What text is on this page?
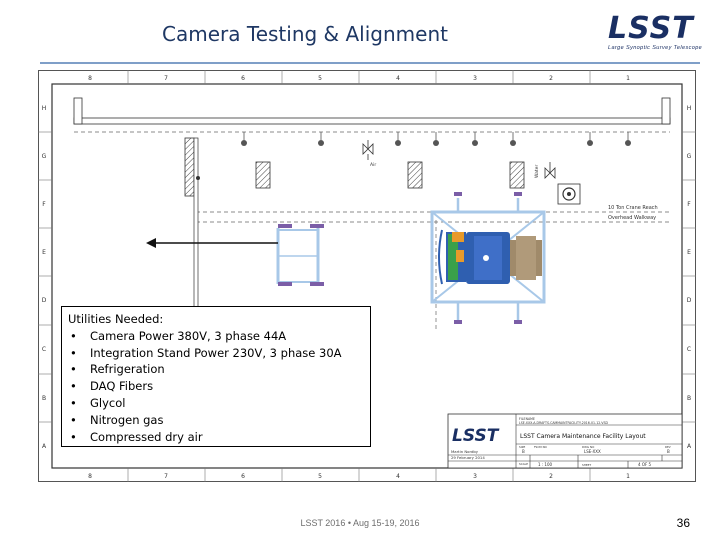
Camera Testing & Alignment	LSST
Large Synoptic Survey Telescope
8	7	6	5	4	3	2	1
8	7	6	5	4	3	2	1
H
G
F
E
D
C
B
A
H
G
F
E
D
C
B
A
Air	Water
10 Ton Crane Reach
Overhead Walkway
LSST
FILENAME
LSE-XXX-A-DRAFTS-CAMMAINTFACILITY-2016-01-12.VSD
LSST Camera Maintenance Facility Layout
Martin Nordby
29 February 2014
SIZE
B
FSCM NO	DWG NO
LSE-XXX
REV
B
SCALE	1 : 100	SHEET	4 OF 5
Utilities Needed:
• Camera Power 380V, 3 phase 44A
• Integration Stand Power 230V, 3 phase 30A
• Refrigeration
• DAQ Fibers
• Glycol
• Nitrogen gas
• Compressed dry air
LSST 2016 • Aug 15-19, 2016	36
